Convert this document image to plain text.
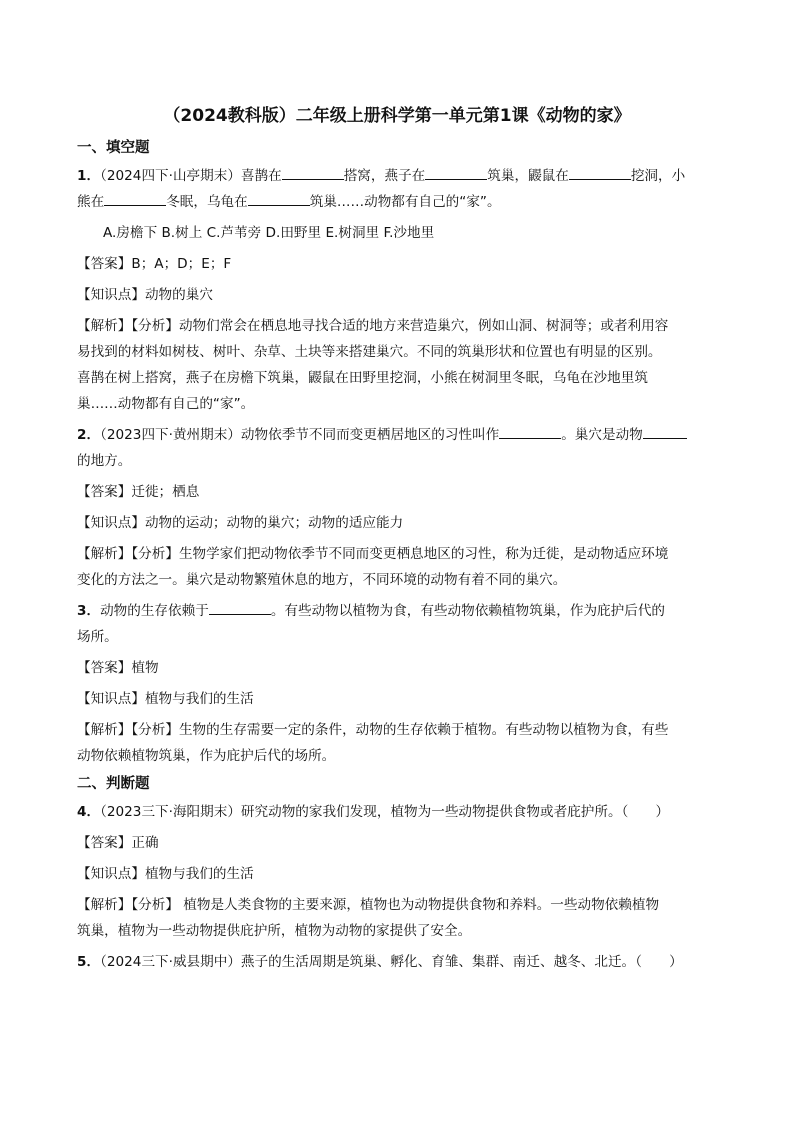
（2024教科版）二年级上册科学第一单元第1课《动物的家》
一、填空题

1．（2024四下·山亭期末）喜鹊在	搭窝，燕子在	筑巢，鼹鼠在	挖洞，小

熊在	冬眠，乌龟在	筑巢……动物都有自己的“家”。

A.房檐下 B.树上 C.芦苇旁 D.田野里 E.树洞里 F.沙地里

【答案】B；A；D；E；F

【知识点】动物的巢穴

【解析】【分析】动物们常会在栖息地寻找合适的地方来营造巢穴，例如山洞、树洞等；或者利用容

易找到的材料如树枝、树叶、杂草、土块等来搭建巢穴。不同的筑巢形状和位置也有明显的区别。

喜鹊在树上搭窝，燕子在房檐下筑巢，鼹鼠在田野里挖洞，小熊在树洞里冬眠，乌龟在沙地里筑

巢……动物都有自己的“家”。

2．（2023四下·黄州期末）动物依季节不同而变更栖居地区的习性叫作	。巢穴是动物

的地方。

【答案】迁徙；栖息

【知识点】动物的运动；动物的巢穴；动物的适应能力

【解析】【分析】生物学家们把动物依季节不同而变更栖息地区的习性，称为迁徙，是动物适应环境

变化的方法之一。巢穴是动物繁殖休息的地方，不同环境的动物有着不同的巢穴。

3．动物的生存依赖于	。有些动物以植物为食，有些动物依赖植物筑巢，作为庇护后代的

场所。

【答案】植物

【知识点】植物与我们的生活

【解析】【分析】生物的生存需要一定的条件，动物的生存依赖于植物。有些动物以植物为食，有些

动物依赖植物筑巢，作为庇护后代的场所。

二、判断题

4．（2023三下·海阳期末）研究动物的家我们发现，植物为一些动物提供食物或者庇护所。（　　）

【答案】正确

【知识点】植物与我们的生活

【解析】【分析】 植物是人类食物的主要来源，植物也为动物提供食物和养料。一些动物依赖植物

筑巢，植物为一些动物提供庇护所，植物为动物的家提供了安全。

5．（2024三下·威县期中）燕子的生活周期是筑巢、孵化、育雏、集群、南迁、越冬、北迁。（　　）
